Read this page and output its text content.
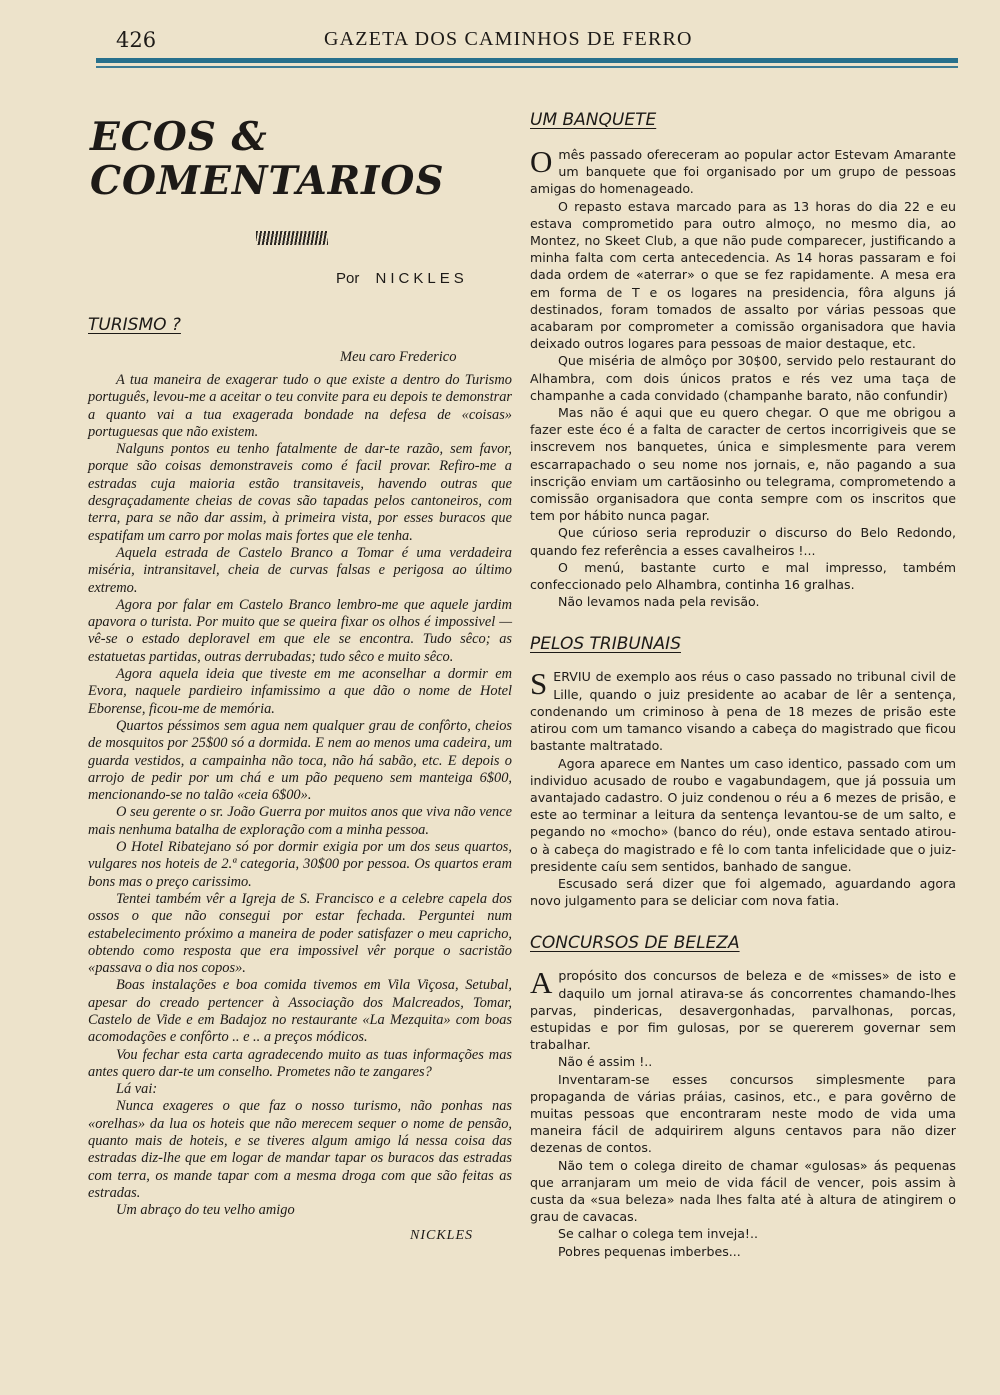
426	GAZETA DOS CAMINHOS DE FERRO
ECOS & COMENTARIOS
Por NICKLES
TURISMO ?
Meu caro Frederico

A tua maneira de exagerar tudo o que existe a dentro do Turismo português, levou-me a aceitar o teu convite para eu depois te demonstrar a quanto vai a tua exagerada bondade na defesa de «coisas» portuguesas que não existem.

Nalguns pontos eu tenho fatalmente de dar-te razão, sem favor, porque são coisas demonstraveis como é facil provar. Refiro-me a estradas cuja maioria estão transitaveis, havendo outras que desgraçadamente cheias de covas são tapadas pelos cantoneiros, com terra, para se não dar assim, à primeira vista, por esses buracos que espatifam um carro por molas mais fortes que ele tenha.

Aquela estrada de Castelo Branco a Tomar é uma verdadeira miséria, intransitavel, cheia de curvas falsas e perigosa ao último extremo.

Agora por falar em Castelo Branco lembro-me que aquele jardim apavora o turista. Por muito que se queira fixar os olhos é impossivel — vê-se o estado deploravel em que ele se encontra. Tudo sêco; as estatuetas partidas, outras derrubadas; tudo sêco e muito sêco.

Agora aquela ideia que tiveste em me aconselhar a dormir em Evora, naquele pardieiro infamissimo a que dão o nome de Hotel Eborense, ficou-me de memória.

Quartos péssimos sem agua nem qualquer grau de confôrto, cheios de mosquitos por 25$00 só a dormida. E nem ao menos uma cadeira, um guarda vestidos, a campainha não toca, não há sabão, etc. E depois o arrojo de pedir por um chá e um pão pequeno sem manteiga 6$00, mencionando-se no talão «ceia 6$00».

O seu gerente o sr. João Guerra por muitos anos que viva não vence mais nenhuma batalha de exploração com a minha pessoa.

O Hotel Ribatejano só por dormir exigia por um dos seus quartos, vulgares nos hoteis de 2.ª categoria, 30$00 por pessoa. Os quartos eram bons mas o preço carissimo.

Tentei também vêr a Igreja de S. Francisco e a celebre capela dos ossos o que não consegui por estar fechada. Perguntei num estabelecimento próximo a maneira de poder satisfazer o meu capricho, obtendo como resposta que era impossivel vêr porque o sacristão «passava o dia nos copos».

Boas instalações e boa comida tivemos em Vila Viçosa, Setubal, apesar do creado pertencer à Associação dos Malcreados, Tomar, Castelo de Vide e em Badajoz no restaurante «La Mezquita» com boas acomodações e confôrto .. e .. a preços módicos.

Vou fechar esta carta agradecendo muito as tuas informações mas antes quero dar-te um conselho. Prometes não te zangares?

Lá vai:

Nunca exageres o que faz o nosso turismo, não ponhas nas «orelhas» da lua os hoteis que não merecem sequer o nome de pensão, quanto mais de hoteis, e se tiveres algum amigo lá nessa coisa das estradas diz-lhe que em logar de mandar tapar os buracos das estradas com terra, os mande tapar com a mesma droga com que são feitas as estradas.

Um abraço do teu velho amigo

NICKLES
UM BANQUETE

Omês passado ofereceram ao popular actor Estevam Amarante um banquete que foi organisado por um grupo de pessoas amigas do homenageado.

O repasto estava marcado para as 13 horas do dia 22 e eu estava comprometido para outro almoço, no mesmo dia, ao Montez, no Skeet Club, a que não pude comparecer, justificando a minha falta com certa antecedencia. As 14 horas passaram e foi dada ordem de «aterrar» o que se fez rapidamente. A mesa era em forma de T e os logares na presidencia, fôra alguns já destinados, foram tomados de assalto por várias pessoas que acabaram por comprometer a comissão organisadora que havia deixado outros logares para pessoas de maior destaque, etc.

Que miséria de almôço por 30$00, servido pelo restaurant do Alhambra, com dois únicos pratos e rés vez uma taça de champanhe a cada convidado (champanhe barato, não confundir)

Mas não é aqui que eu quero chegar. O que me obrigou a fazer este éco é a falta de caracter de certos incorrigiveis que se inscrevem nos banquetes, única e simplesmente para verem escarrapachado o seu nome nos jornais, e, não pagando a sua inscrição enviam um cartãosinho ou telegrama, comprometendo a comissão organisadora que conta sempre com os inscritos que tem por hábito nunca pagar.

Que cúrioso seria reproduzir o discurso do Belo Redondo, quando fez referência a esses cavalheiros !...

O menú, bastante curto e mal impresso, também confeccionado pelo Alhambra, continha 16 gralhas.

Não levamos nada pela revisão.

PELOS TRIBUNAIS

SERVIU de exemplo aos réus o caso passado no tribunal civil de Lille, quando o juiz presidente ao acabar de lêr a sentença, condenando um criminoso à pena de 18 mezes de prisão este atirou com um tamanco visando a cabeça do magistrado que ficou bastante maltratado.

Agora aparece em Nantes um caso identico, passado com um individuo acusado de roubo e vagabundagem, que já possuia um avantajado cadastro. O juiz condenou o réu a 6 mezes de prisão, e este ao terminar a leitura da sentença levantou-se de um salto, e pegando no «mocho» (banco do réu), onde estava sentado atirou-o à cabeça do magistrado e fê lo com tanta infelicidade que o juiz-presidente caíu sem sentidos, banhado de sangue.

Escusado será dizer que foi algemado, aguardando agora novo julgamento para se deliciar com nova fatia.

CONCURSOS DE BELEZA

Apropósito dos concursos de beleza e de «misses» de isto e daquilo um jornal atirava-se ás concorrentes chamando-lhes parvas, pindericas, desavergonhadas, parvalhonas, porcas, estupidas e por fim gulosas, por se quererem governar sem trabalhar.

Não é assim !..

Inventaram-se esses concursos simplesmente para propaganda de várias práias, casinos, etc., e para govêrno de muitas pessoas que encontraram neste modo de vida uma maneira fácil de adquirirem alguns centavos para não dizer dezenas de contos.

Não tem o colega direito de chamar «gulosas» ás pequenas que arranjaram um meio de vida fácil de vencer, pois assim à custa da «sua beleza» nada lhes falta até à altura de atingirem o grau de cavacas.

Se calhar o colega tem inveja!..

Pobres pequenas imberbes...
